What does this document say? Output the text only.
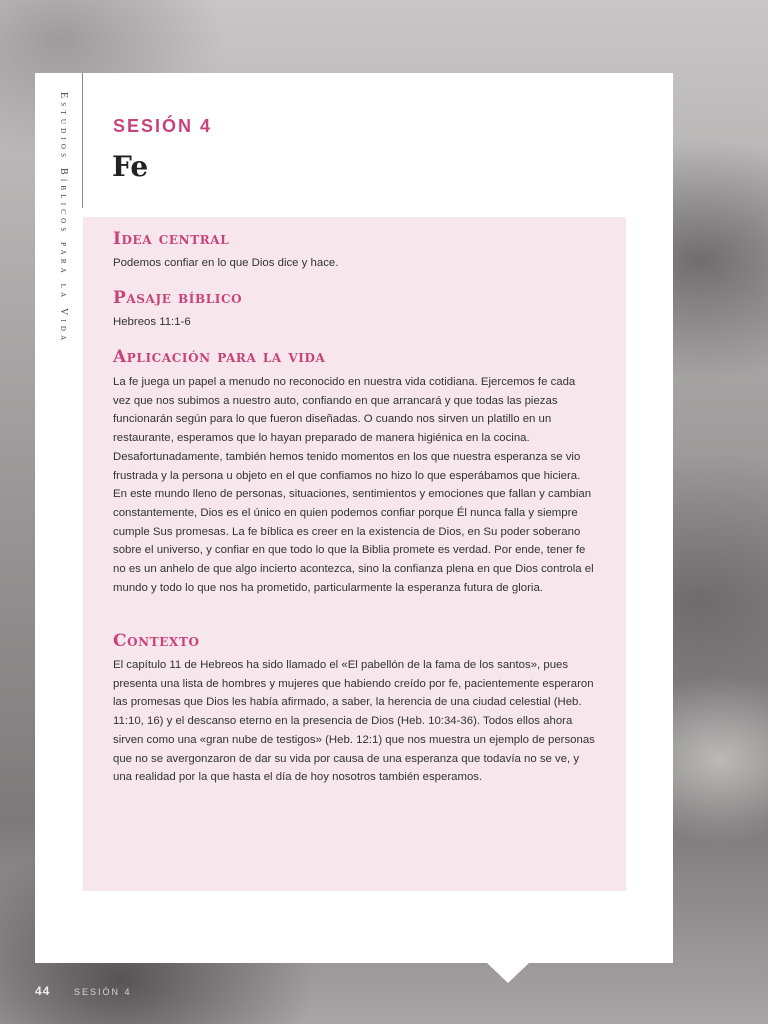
Estudios Bíblicos para la Vida SESIÓN 4
Fe
Idea central
Podemos confiar en lo que Dios dice y hace.
Pasaje bíblico
Hebreos 11:1-6
Aplicación para la vida
La fe juega un papel a menudo no reconocido en nuestra vida cotidiana. Ejercemos fe cada vez que nos subimos a nuestro auto, confiando en que arrancará y que todas las piezas funcionarán según para lo que fueron diseñadas. O cuando nos sirven un platillo en un restaurante, esperamos que lo hayan preparado de manera higiénica en la cocina. Desafortunadamente, también hemos tenido momentos en los que nuestra esperanza se vio frustrada y la persona u objeto en el que confiamos no hizo lo que esperábamos que hiciera. En este mundo lleno de personas, situaciones, sentimientos y emociones que fallan y cambian constantemente, Dios es el único en quien podemos confiar porque Él nunca falla y siempre cumple Sus promesas. La fe bíblica es creer en la existencia de Dios, en Su poder soberano sobre el universo, y confiar en que todo lo que la Biblia promete es verdad. Por ende, tener fe no es un anhelo de que algo incierto acontezca, sino la confianza plena en que Dios controla el mundo y todo lo que nos ha prometido, particularmente la esperanza futura de gloria.
Contexto
El capítulo 11 de Hebreos ha sido llamado el «El pabellón de la fama de los santos», pues presenta una lista de hombres y mujeres que habiendo creído por fe, pacientemente esperaron las promesas que Dios les había afirmado, a saber, la herencia de una ciudad celestial (Heb. 11:10, 16) y el descanso eterno en la presencia de Dios (Heb. 10:34-36). Todos ellos ahora sirven como una «gran nube de testigos» (Heb. 12:1) que nos muestra un ejemplo de personas que no se avergonzaron de dar su vida por causa de una esperanza que todavía no se ve, y una realidad por la que hasta el día de hoy nosotros también esperamos.
44	SESIÓN 4
